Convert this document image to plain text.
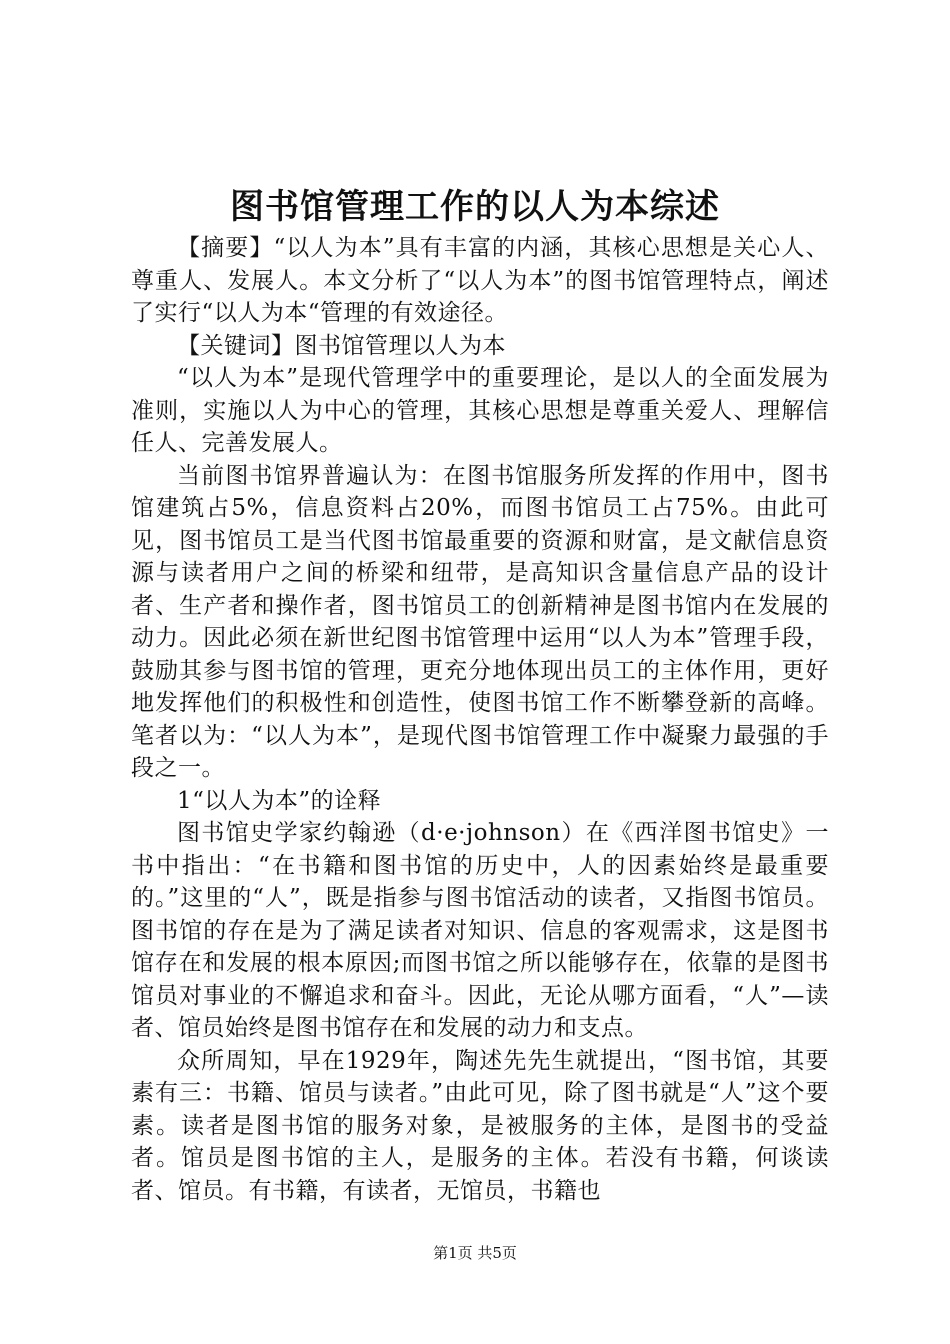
图书馆管理工作的以人为本综述

【摘要】“以人为本”具有丰富的内涵，其核心思想是关心人、尊重人、发展人。本文分析了“以人为本”的图书馆管理特点，阐述了实行“以人为本“管理的有效途径。

【关键词】图书馆管理以人为本

“以人为本”是现代管理学中的重要理论，是以人的全面发展为准则，实施以人为中心的管理，其核心思想是尊重关爱人、理解信任人、完善发展人。

当前图书馆界普遍认为：在图书馆服务所发挥的作用中，图书馆建筑占5%，信息资料占20%，而图书馆员工占75%。由此可见，图书馆员工是当代图书馆最重要的资源和财富，是文献信息资源与读者用户之间的桥梁和纽带，是高知识含量信息产品的设计者、生产者和操作者，图书馆员工的创新精神是图书馆内在发展的动力。因此必须在新世纪图书馆管理中运用“以人为本”管理手段，鼓励其参与图书馆的管理，更充分地体现出员工的主体作用，更好地发挥他们的积极性和创造性，使图书馆工作不断攀登新的高峰。笔者以为：“以人为本”，是现代图书馆管理工作中凝聚力最强的手段之一。

1“以人为本”的诠释

图书馆史学家约翰逊（d·e·johnson）在《西洋图书馆史》一书中指出：“在书籍和图书馆的历史中，人的因素始终是最重要的。”这里的“人”，既是指参与图书馆活动的读者，又指图书馆员。图书馆的存在是为了满足读者对知识、信息的客观需求，这是图书馆存在和发展的根本原因;而图书馆之所以能够存在，依靠的是图书馆员对事业的不懈追求和奋斗。因此，无论从哪方面看，“人”—读者、馆员始终是图书馆存在和发展的动力和支点。

众所周知，早在1929年，陶述先先生就提出，“图书馆，其要素有三：书籍、馆员与读者。”由此可见，除了图书就是“人”这个要素。读者是图书馆的服务对象，是被服务的主体，是图书的受益者。馆员是图书馆的主人，是服务的主体。若没有书籍，何谈读者、馆员。有书籍，有读者，无馆员，书籍也

第1页 共5页
